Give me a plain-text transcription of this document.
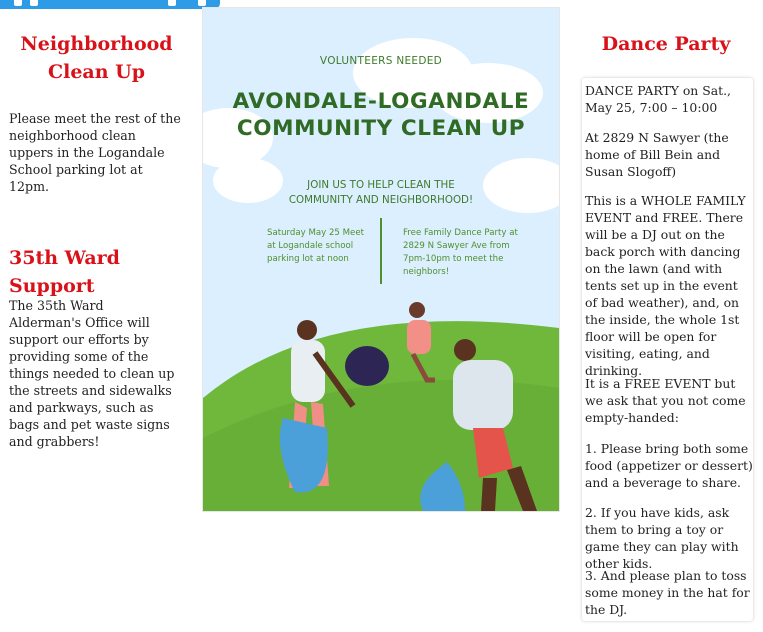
Neighborhood

Clean Up

Please meet the rest of the neighborhood clean uppers in the Logandale School parking lot at 12pm.

35th Ward Support

The 35th Ward Alderman's Office will support our efforts by providing some of the things needed to clean up the streets and sidewalks and parkways, such as bags and pet waste signs and grabbers!

VOLUNTEERS NEEDED
AVONDALE-LOGANDALE
COMMUNITY CLEAN UP
JOIN US TO HELP CLEAN THE
COMMUNITY AND NEIGHBORHOOD!
Saturday May 25 Meet at Logandale school parking lot at noon
Free Family Dance Party at 2829 N Sawyer Ave from 7pm-10pm to meet the neighbors!

Dance Party

DANCE PARTY on Sat., May 25, 7:00 – 10:00

At 2829 N Sawyer (the home of Bill Bein and Susan Slogoff)

This is a WHOLE FAMILY EVENT and FREE. There will be a DJ out on the back porch with dancing on the lawn (and with tents set up in the event of bad weather), and, on the inside, the whole 1st floor will be open for visiting, eating, and drinking.

It is a FREE EVENT but we ask that you not come empty-handed:

1. Please bring both some food (appetizer or dessert) and a beverage to share.

2. If you have kids, ask them to bring a toy or game they can play with other kids.

3. And please plan to toss some money in the hat for the DJ.
